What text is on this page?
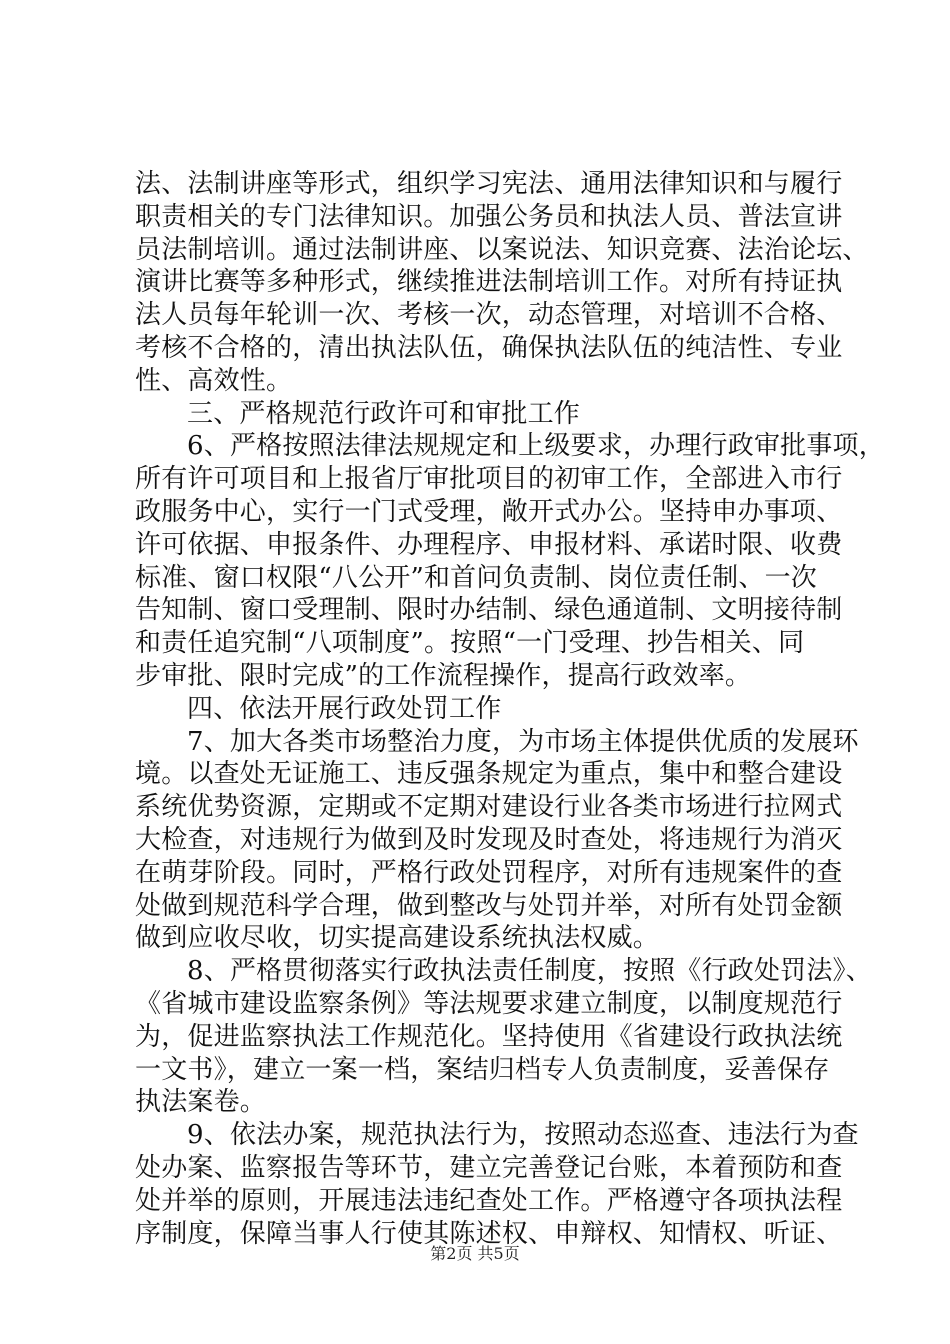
法、法制讲座等形式，组织学习宪法、通用法律知识和与履行
职责相关的专门法律知识。加强公务员和执法人员、普法宣讲
员法制培训。通过法制讲座、以案说法、知识竞赛、法治论坛、
演讲比赛等多种形式，继续推进法制培训工作。对所有持证执
法人员每年轮训一次、考核一次，动态管理，对培训不合格、
考核不合格的，清出执法队伍，确保执法队伍的纯洁性、专业
性、高效性。
三、严格规范行政许可和审批工作
6、严格按照法律法规规定和上级要求，办理行政审批事项，
所有许可项目和上报省厅审批项目的初审工作，全部进入市行
政服务中心，实行一门式受理，敞开式办公。坚持申办事项、
许可依据、申报条件、办理程序、申报材料、承诺时限、收费
标准、窗口权限“八公开”和首问负责制、岗位责任制、一次
告知制、窗口受理制、限时办结制、绿色通道制、文明接待制
和责任追究制“八项制度”。按照“一门受理、抄告相关、同
步审批、限时完成”的工作流程操作，提高行政效率。
四、依法开展行政处罚工作
7、加大各类市场整治力度，为市场主体提供优质的发展环
境。以查处无证施工、违反强条规定为重点，集中和整合建设
系统优势资源，定期或不定期对建设行业各类市场进行拉网式
大检查，对违规行为做到及时发现及时查处，将违规行为消灭
在萌芽阶段。同时，严格行政处罚程序，对所有违规案件的查
处做到规范科学合理，做到整改与处罚并举，对所有处罚金额
做到应收尽收，切实提高建设系统执法权威。
8、严格贯彻落实行政执法责任制度，按照《行政处罚法》、
《省城市建设监察条例》等法规要求建立制度，以制度规范行
为，促进监察执法工作规范化。坚持使用《省建设行政执法统
一文书》，建立一案一档，案结归档专人负责制度，妥善保存
执法案卷。
9、依法办案，规范执法行为，按照动态巡查、违法行为查
处办案、监察报告等环节，建立完善登记台账，本着预防和查
处并举的原则，开展违法违纪查处工作。严格遵守各项执法程
序制度，保障当事人行使其陈述权、申辩权、知情权、听证、
第2页 共5页
